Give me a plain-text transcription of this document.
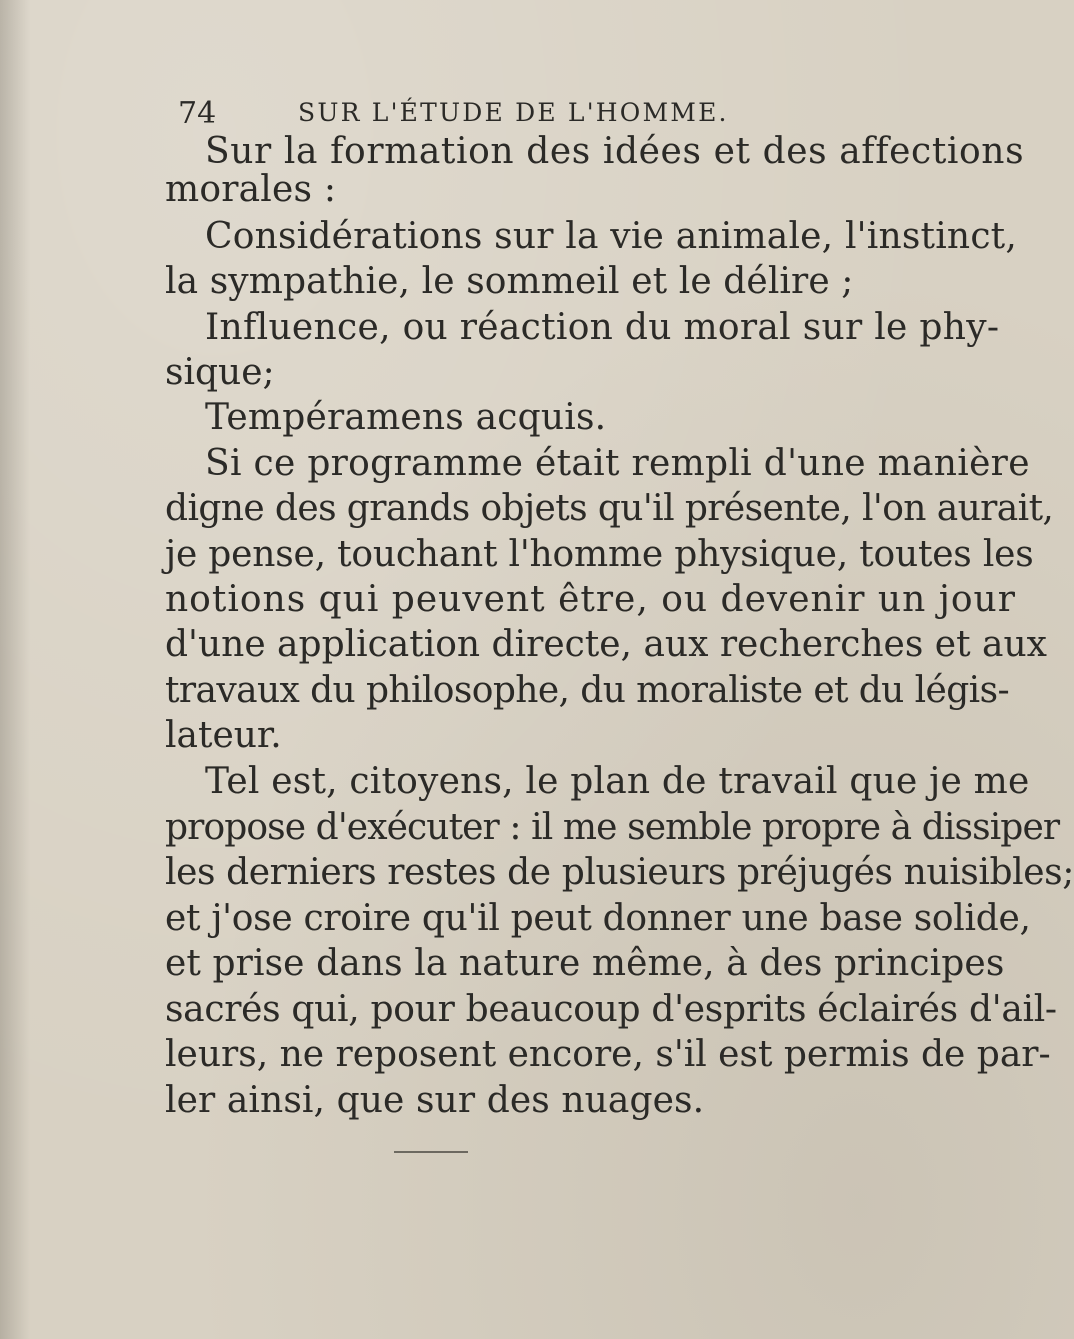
74	SUR L'ÉTUDE DE L'HOMME.
Sur la formation des idées et des affections
morales :
Considérations sur la vie animale, l'instinct,
la sympathie, le sommeil et le délire ;
Influence, ou réaction du moral sur le phy-
sique;
Tempéramens acquis.
Si ce programme était rempli d'une manière
digne des grands objets qu'il présente, l'on aurait,
je pense, touchant l'homme physique, toutes les
notions qui peuvent être, ou devenir un jour
d'une application directe, aux recherches et aux
travaux du philosophe, du moraliste et du légis-
lateur.
Tel est, citoyens, le plan de travail que je me
propose d'exécuter : il me semble propre à dissiper
les derniers restes de plusieurs préjugés nuisibles;
et j'ose croire qu'il peut donner une base solide,
et prise dans la nature même, à des principes
sacrés qui, pour beaucoup d'esprits éclairés d'ail-
leurs, ne reposent encore, s'il est permis de par-
ler ainsi, que sur des nuages.
